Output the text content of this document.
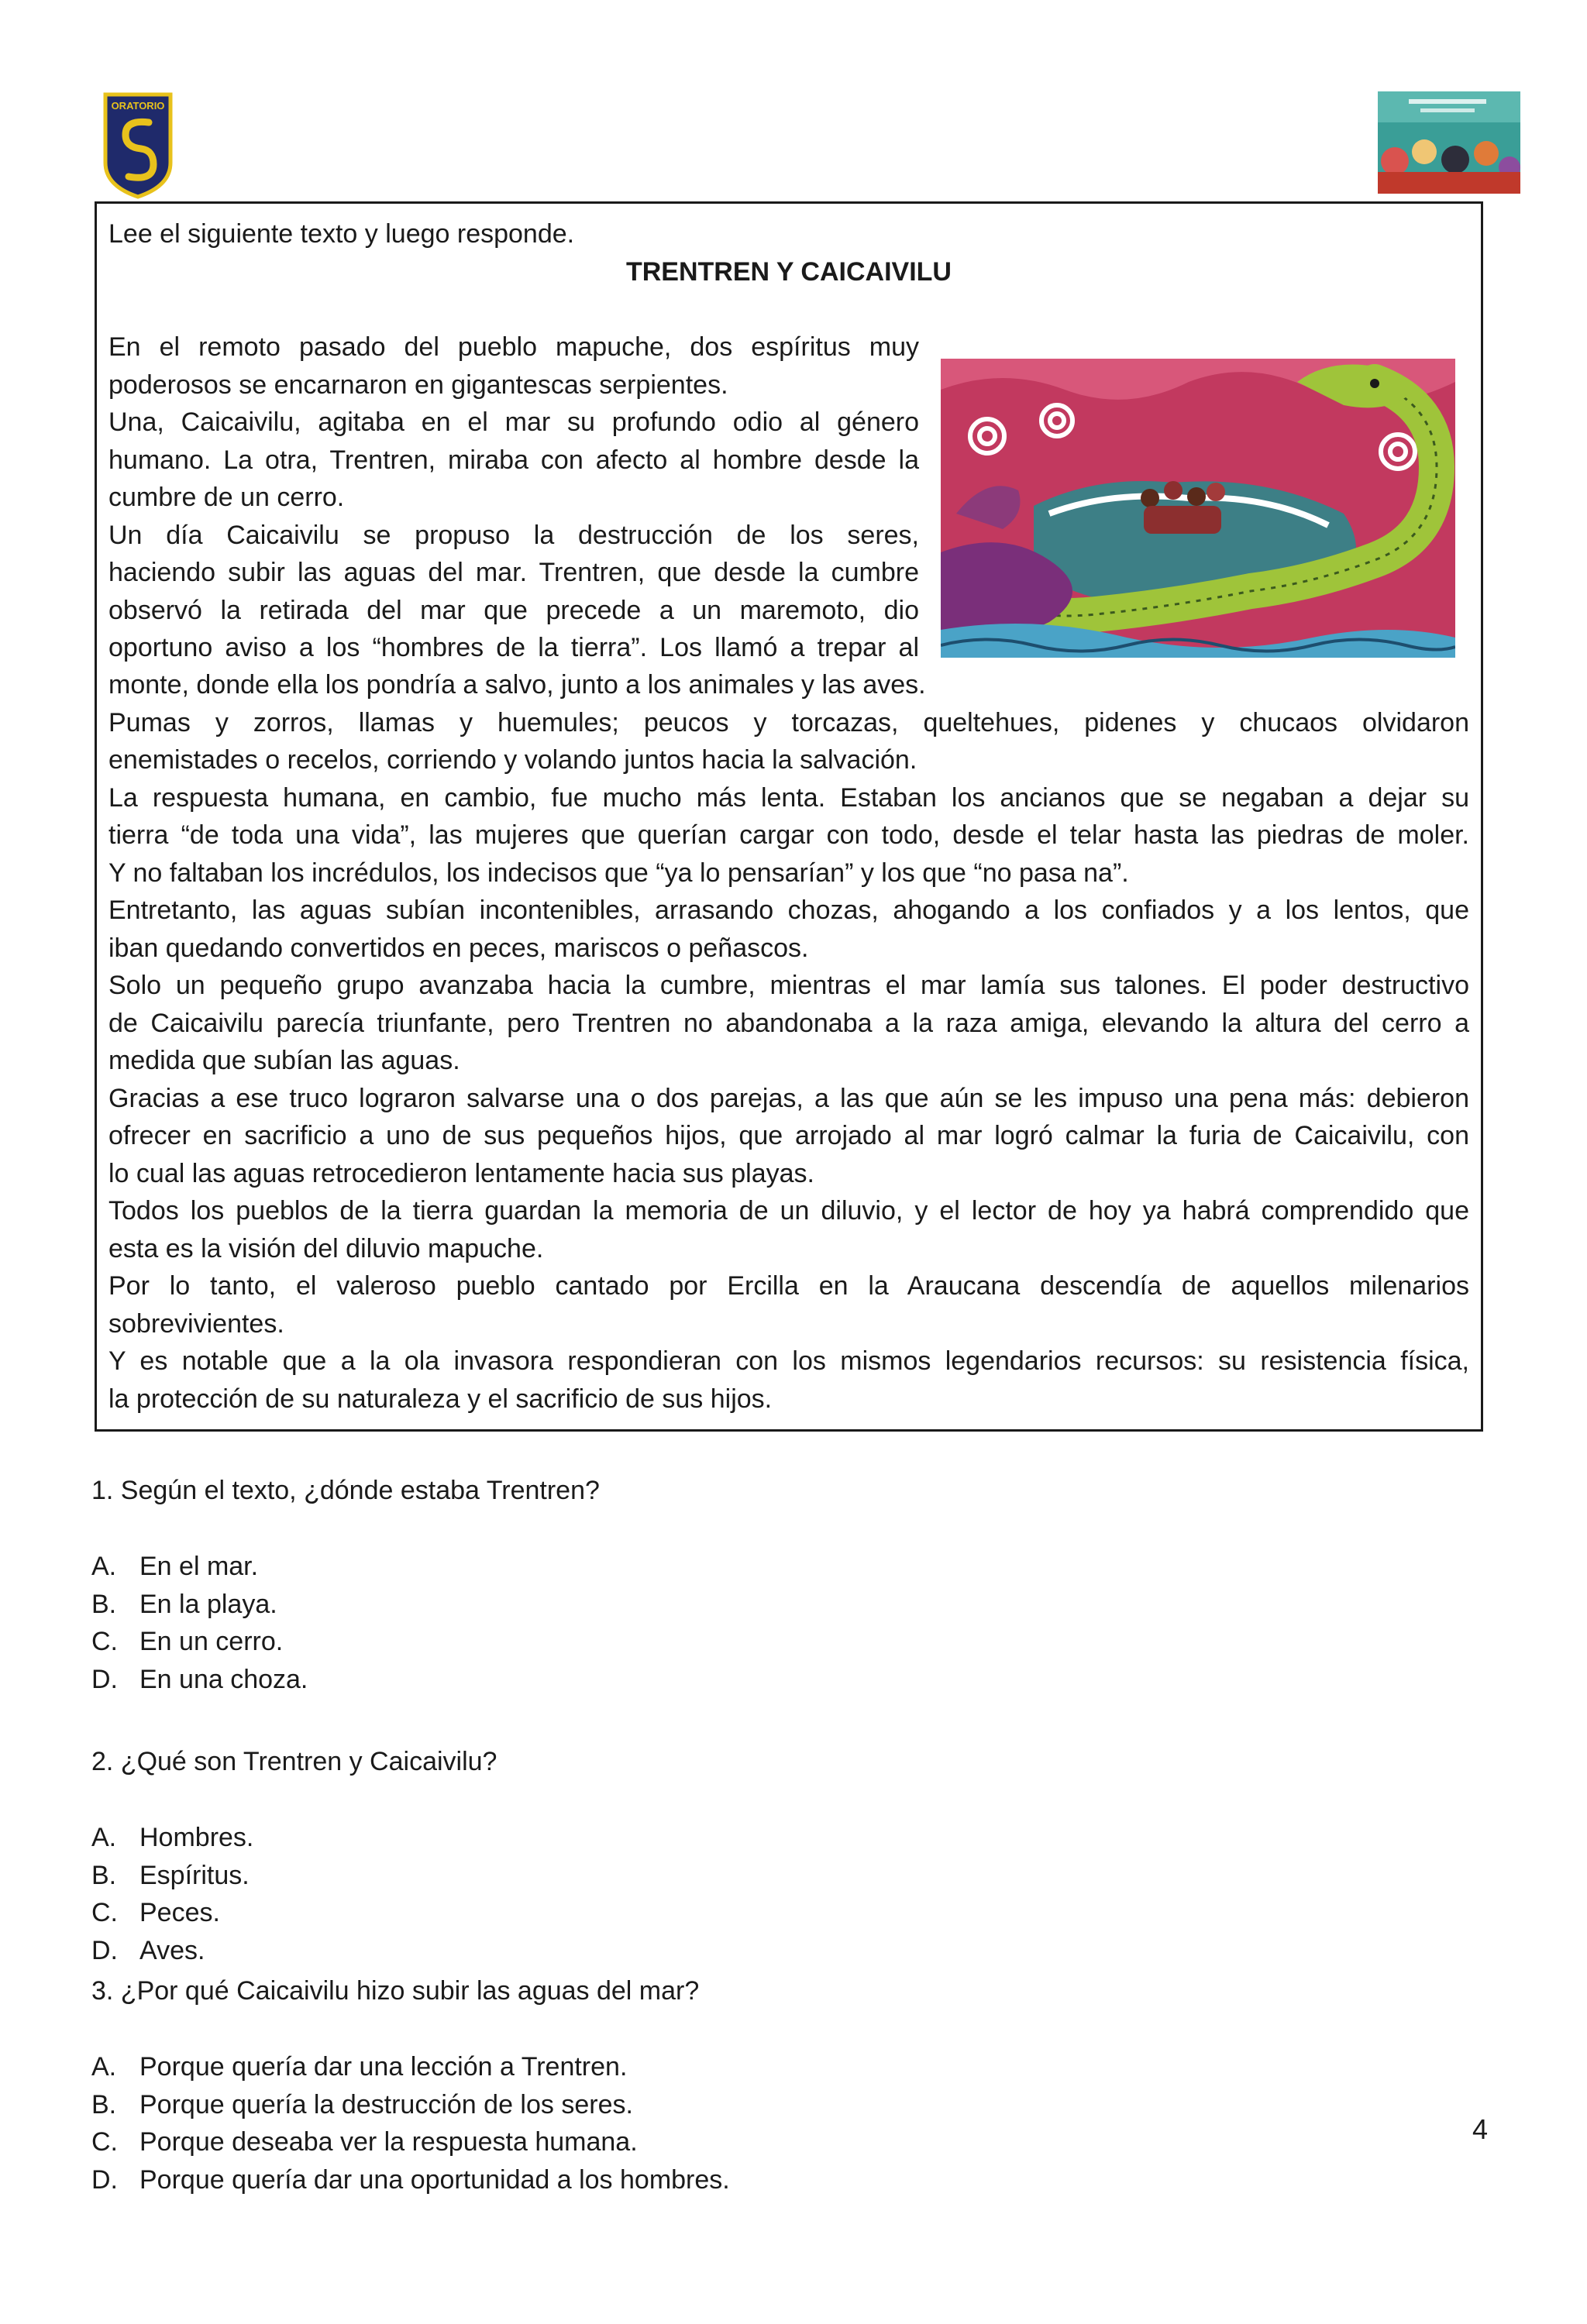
ORATORIO
Lee el siguiente texto y luego responde.
TRENTREN Y CAICAIVILU
En el remoto pasado del pueblo mapuche, dos espíritus muy
poderosos se encarnaron en gigantescas serpientes.
Una, Caicaivilu, agitaba en el mar su profundo odio al género
humano. La otra, Trentren, miraba con afecto al hombre desde la
cumbre de un cerro.
Un día Caicaivilu se propuso la destrucción de los seres,
haciendo subir las aguas del mar. Trentren, que desde la cumbre
observó la retirada del mar que precede a un maremoto, dio
oportuno aviso a los “hombres de la tierra”. Los llamó a trepar al
monte, donde ella los pondría a salvo, junto a los animales y las aves.
Pumas y zorros, llamas y huemules; peucos y torcazas, queltehues, pidenes y chucaos olvidaron
enemistades o recelos, corriendo y volando juntos hacia la salvación.
La respuesta humana, en cambio, fue mucho más lenta. Estaban los ancianos que se negaban a dejar su
tierra “de toda una vida”, las mujeres que querían cargar con todo, desde el telar hasta las piedras de moler.
Y no faltaban los incrédulos, los indecisos que “ya lo pensarían” y los que “no pasa na”.
Entretanto, las aguas subían incontenibles, arrasando chozas, ahogando a los confiados y a los lentos, que
iban quedando convertidos en peces, mariscos o peñascos.
Solo un pequeño grupo avanzaba hacia la cumbre, mientras el mar lamía sus talones. El poder destructivo
de Caicaivilu parecía triunfante, pero Trentren no abandonaba a la raza amiga, elevando la altura del cerro a
medida que subían las aguas.
Gracias a ese truco lograron salvarse una o dos parejas, a las que aún se les impuso una pena más: debieron
ofrecer en sacrificio a uno de sus pequeños hijos, que arrojado al mar logró calmar la furia de Caicaivilu, con
lo cual las aguas retrocedieron lentamente hacia sus playas.
Todos los pueblos de la tierra guardan la memoria de un diluvio, y el lector de hoy ya habrá comprendido que
esta es la visión del diluvio mapuche.
Por lo tanto, el valeroso pueblo cantado por Ercilla en la Araucana descendía de aquellos milenarios
sobrevivientes.
Y es notable que a la ola invasora respondieran con los mismos legendarios recursos: su resistencia física,
la protección de su naturaleza y el sacrificio de sus hijos.
1. Según el texto, ¿dónde estaba Trentren?
A. En el mar.
B. En la playa.
C. En un cerro.
D. En una choza.
2. ¿Qué son Trentren y Caicaivilu?
A. Hombres.
B. Espíritus.
C. Peces.
D. Aves.
3. ¿Por qué Caicaivilu hizo subir las aguas del mar?
A. Porque quería dar una lección a Trentren.
B. Porque quería la destrucción de los seres.
C. Porque deseaba ver la respuesta humana.
D. Porque quería dar una oportunidad a los hombres.
4
